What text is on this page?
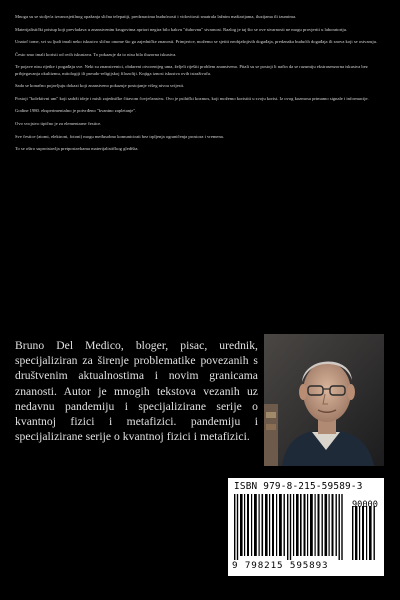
Mnoga su se stoljeća izvanosjetilnog opažanja slična telepatiji, predznacima budućnosti i vidovitosti smatrala lažnim maštarijama, iluzijama ili izumima.

Materijalistički pristup koji prevladava u znanstvenim krugovima apriori negira bilo kakvu "duhovnu" stvarnost. Razlog je taj što se ove stvarnosti ne mogu provjeriti u laboratoriju.

Unatoč tome, svi su ljudi imali neko iskustvo slično onome što ga zajedničke znanosti. Primjerice, možemo se sjetiti neobjašnjivih događaja, predznaka budućih događaja ili snova koji se ostvaruju.

Često smo imali koristi od ovih iskustava. To pokazuje da to nisu bila iluzorna iskustva.

Te pojave nisu rijetke i pogađaju sve. Neki su znanstvenici, obdareni otvorenijeg uma, željeli riješiti problem znanstveno. Pitali su se postoji li način da se razumiju ekstrasenzorna iskustva bez pribjegavanja okultizmu, mitologiji ili pseudo-religijskoj filozofiji. Knjiga iznosi iskustva ovih istraživača.

Sada se konačno pojavljuju dokazi koji znanstveno pokazuje postojanje višeg nivoa svijesti.

Postoji "kolektivni um" koji sadrži ideje i misli zajedničke čitavom čovječanstvu. Ovo je psihički kozmos, koji možemo koristiti u svoju korist. Iz ovog kozmosa primamo signale i informacije.

Godine 1980. eksperimentalno je potvrđeno "kvantno zapletanje".

Ovo svojstvo tipično je za elementarne čestice.

Sve čestice (atomi, elektroni, fotoni) mogu međusobno komunicirati bez trpljenja ograničenja prostora i vremena.

To se oštro suprotstavlja pretpostavkama materijalističkog gledišta.

Bruno Del Medico, bloger, pisac, urednik, specijaliziran za širenje problematike povezanih s društvenim aktualnostima i novim granicama znanosti. Autor je mnogih tekstova vezanih uz nedavnu pandemiju i specijalizirane serije o kvantnoj fizici i metafizici. pandemiju i specijalizirane serije o kvantnoj fizici i metafizici.
ISBN 979-8-215-59589-3
90000
9 798215 595893
